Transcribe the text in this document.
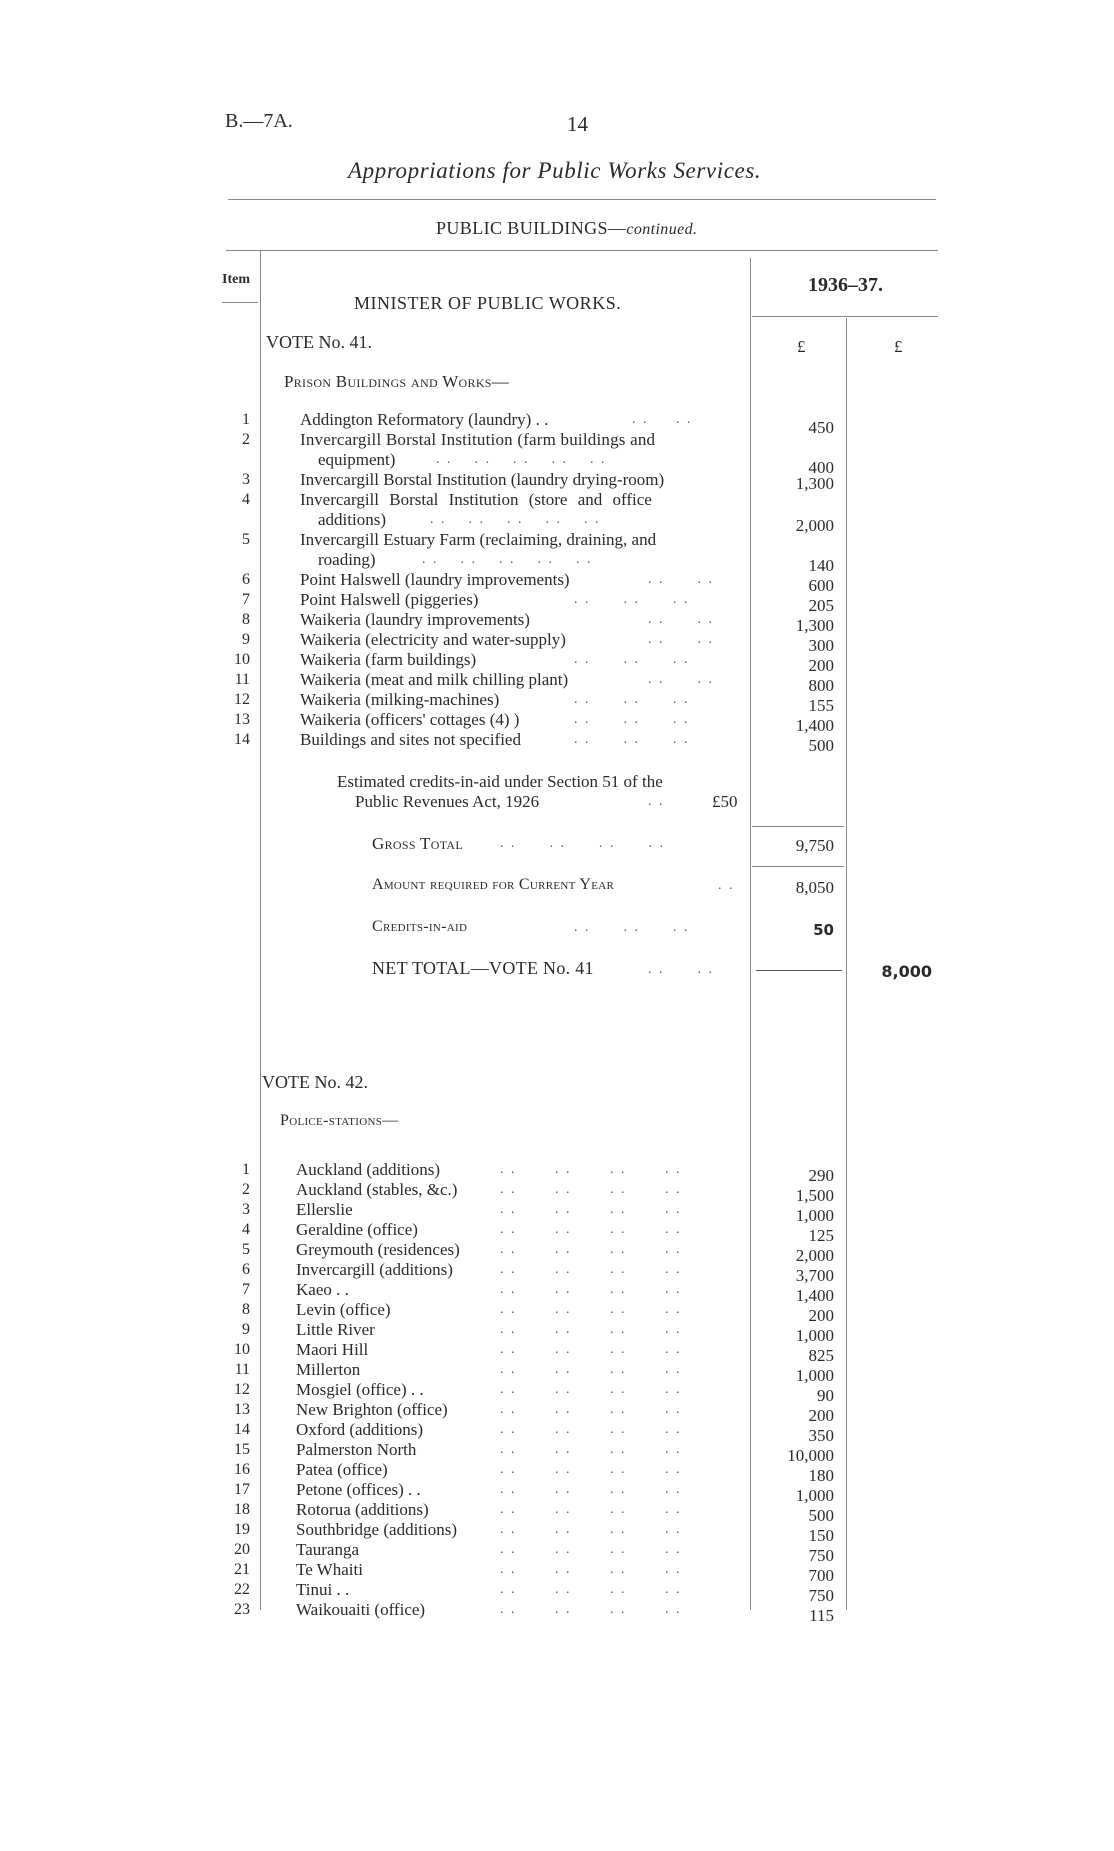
B.—7A.	14
Appropriations for Public Works Services.
PUBLIC BUILDINGS—continued.
Item
MINISTER OF PUBLIC WORKS.
1936–37.
£	£
VOTE No. 41.
Prison Buildings and Works—
1	Addington Reformatory (laundry) . .	. .     . .	450
2	Invercargill Borstal Institution (farm buildings and
equipment)	. .    . .    . .    . .    . .	400
3	Invercargill Borstal Institution (laundry drying-room)	1,300
4	Invercargill Borstal Institution (store and office
additions)	. .    . .    . .    . .    . .	2,000
5	Invercargill Estuary Farm (reclaiming, draining, and
roading)	. .    . .    . .    . .    . .	140
6	Point Halswell (laundry improvements)	. .      . .	600
7	Point Halswell (piggeries)	. .      . .      . .	205
8	Waikeria (laundry improvements)	. .      . .	1,300
9	Waikeria (electricity and water-supply)	. .      . .	300
10	Waikeria (farm buildings)	. .      . .      . .	200
11	Waikeria (meat and milk chilling plant)	. .      . .	800
12	Waikeria (milking-machines)	. .      . .      . .	155
13	Waikeria (officers' cottages (4) )	. .      . .      . .	1,400
14	Buildings and sites not specified	. .      . .      . .	500
Estimated credits-in-aid under Section 51 of the
Public Revenues Act, 1926	. .	£50
Gross Total	. .      . .      . .      . .	9,750
Amount required for Current Year	. .	8,050
Credits-in-aid	. .      . .      . .	50
NET TOTAL—VOTE No. 41	. .      . .	8,000
VOTE No. 42.
Police-stations—
1	Auckland (additions)	. .       . .       . .       . .	290
2	Auckland (stables, &c.)	. .       . .       . .       . .	1,500
3	Ellerslie	. .       . .       . .       . .	1,000
4	Geraldine (office)	. .       . .       . .       . .	125
5	Greymouth (residences)	. .       . .       . .       . .	2,000
6	Invercargill (additions)	. .       . .       . .       . .	3,700
7	Kaeo . .	. .       . .       . .       . .	1,400
8	Levin (office)	. .       . .       . .       . .	200
9	Little River	. .       . .       . .       . .	1,000
10	Maori Hill	. .       . .       . .       . .	825
11	Millerton	. .       . .       . .       . .	1,000
12	Mosgiel (office) . .	. .       . .       . .       . .	90
13	New Brighton (office)	. .       . .       . .       . .	200
14	Oxford (additions)	. .       . .       . .       . .	350
15	Palmerston North	. .       . .       . .       . .	10,000
16	Patea (office)	. .       . .       . .       . .	180
17	Petone (offices) . .	. .       . .       . .       . .	1,000
18	Rotorua (additions)	. .       . .       . .       . .	500
19	Southbridge (additions)	. .       . .       . .       . .	150
20	Tauranga	. .       . .       . .       . .	750
21	Te Whaiti	. .       . .       . .       . .	700
22	Tinui . .	. .       . .       . .       . .	750
23	Waikouaiti (office)	. .       . .       . .       . .	115
